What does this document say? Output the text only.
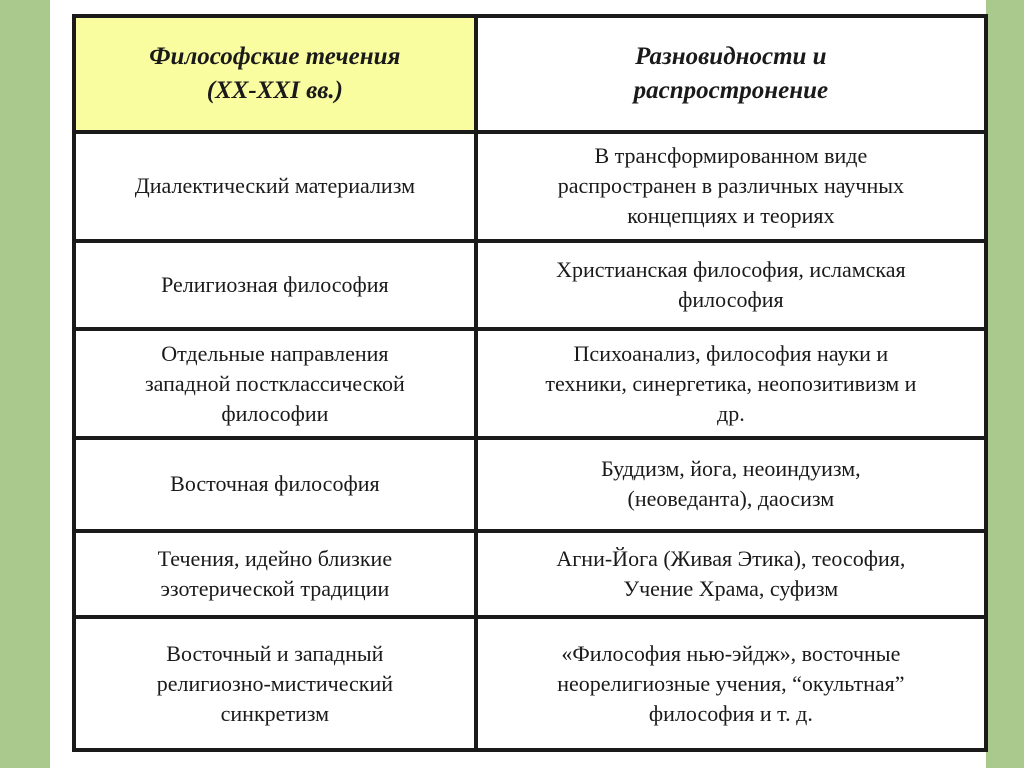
Философские течения
(XX-XXI вв.)	Разновидности и
распростронение

Диалектический материализм	В трансформированном виде
распространен в различных научных
концепциях и теориях

Религиозная философия	Христианская философия, исламская
философия

Отдельные направления
западной постклассической
философии	Психоанализ, философия науки и
техники, синергетика, неопозитивизм и
др.

Восточная философия	Буддизм, йога, неоиндуизм,
(неоведанта), даосизм

Течения, идейно близкие
эзотерической традиции	Агни-Йога (Живая Этика), теософия,
Учение Храма, суфизм

Восточный и западный
религиозно-мистический
синкретизм	«Философия нью-эйдж», восточные
неорелигиозные учения, “окультная”
философия и т. д.
